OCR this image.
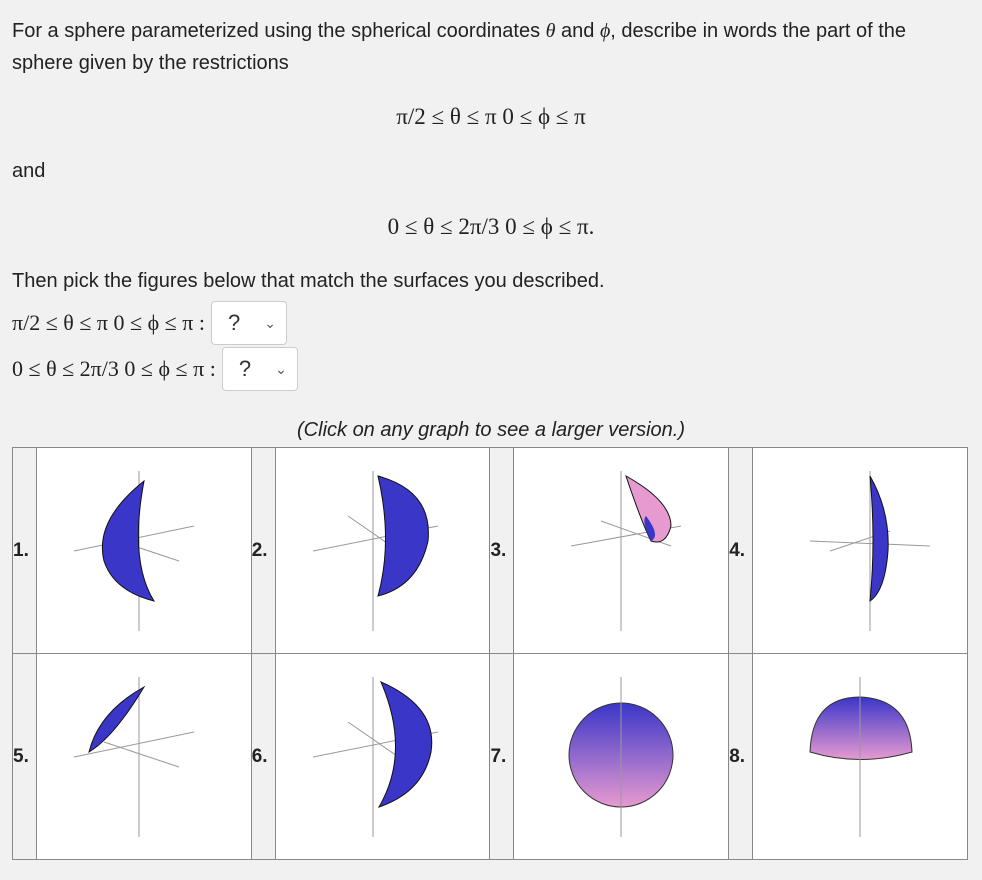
For a sphere parameterized using the spherical coordinates θ and ϕ, describe in words the part of the sphere given by the restrictions
π/2 ≤ θ ≤ π 0 ≤ ϕ ≤ π
and
0 ≤ θ ≤ 2π/3 0 ≤ ϕ ≤ π.
Then pick the figures below that match the surfaces you described.
π/2 ≤ θ ≤ π 0 ≤ ϕ ≤ π : ? ⌄
0 ≤ θ ≤ 2π/3 0 ≤ ϕ ≤ π : ? ⌄
(Click on any graph to see a larger version.)
1.		2.		3.		4.	

5.		6.		7.		8.	
